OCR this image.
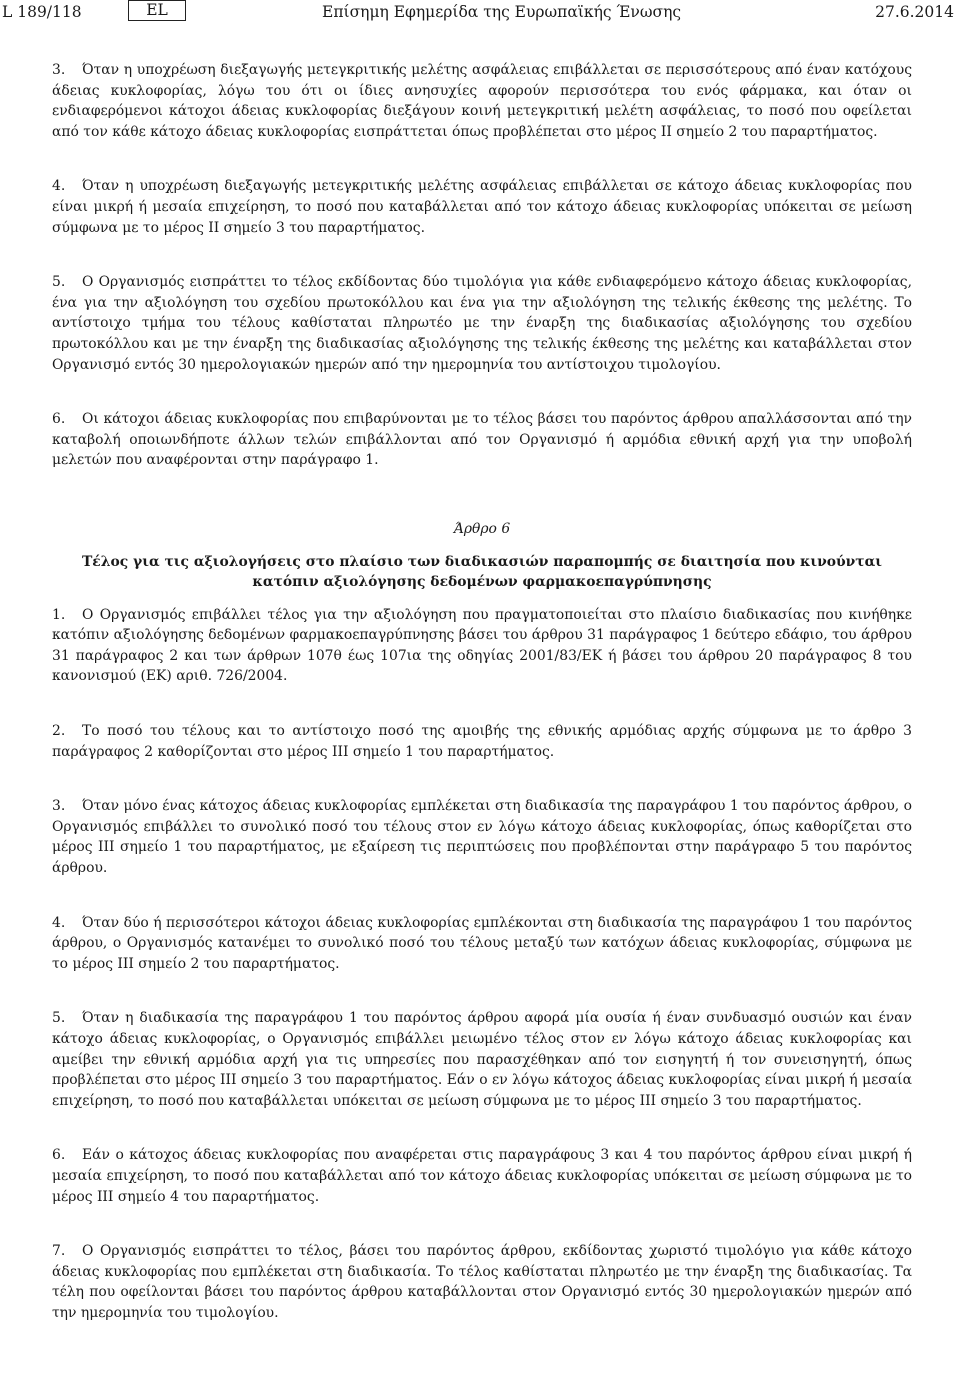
L 189/118	EL	Επίσημη Εφημερίδα της Ευρωπαϊκής Ένωσης	27.6.2014

3. Όταν η υποχρέωση διεξαγωγής μετεγκριτικής μελέτης ασφάλειας επιβάλλεται σε περισσότερους από έναν κατόχους άδειας κυκλοφορίας, λόγω του ότι οι ίδιες ανησυχίες αφορούν περισσότερα του ενός φάρμακα, και όταν οι ενδιαφερόμενοι κάτοχοι άδειας κυκλοφορίας διεξάγουν κοινή μετεγκριτική μελέτη ασφάλειας, το ποσό που οφείλεται από τον κάθε κάτοχο άδειας κυκλοφορίας εισπράττεται όπως προβλέπεται στο μέρος II σημείο 2 του παραρτήματος.

4. Όταν η υποχρέωση διεξαγωγής μετεγκριτικής μελέτης ασφάλειας επιβάλλεται σε κάτοχο άδειας κυκλοφορίας που είναι μικρή ή μεσαία επιχείρηση, το ποσό που καταβάλλεται από τον κάτοχο άδειας κυκλοφορίας υπόκειται σε μείωση σύμφωνα με το μέρος II σημείο 3 του παραρτήματος.

5. Ο Οργανισμός εισπράττει το τέλος εκδίδοντας δύο τιμολόγια για κάθε ενδιαφερόμενο κάτοχο άδειας κυκλοφορίας, ένα για την αξιολόγηση του σχεδίου πρωτοκόλλου και ένα για την αξιολόγηση της τελικής έκθεσης της μελέτης. Το αντίστοιχο τμήμα του τέλους καθίσταται πληρωτέο με την έναρξη της διαδικασίας αξιολόγησης του σχεδίου πρωτοκόλλου και με την έναρξη της διαδικασίας αξιολόγησης της τελικής έκθεσης της μελέτης και καταβάλλεται στον Οργανισμό εντός 30 ημερολογιακών ημερών από την ημερομηνία του αντίστοιχου τιμολογίου.

6. Οι κάτοχοι άδειας κυκλοφορίας που επιβαρύνονται με το τέλος βάσει του παρόντος άρθρου απαλλάσσονται από την καταβολή οποιωνδήποτε άλλων τελών επιβάλλονται από τον Οργανισμό ή αρμόδια εθνική αρχή για την υποβολή μελετών που αναφέρονται στην παράγραφο 1.

Άρθρο 6

Τέλος για τις αξιολογήσεις στο πλαίσιο των διαδικασιών παραπομπής σε διαιτησία που κινούνται κατόπιν αξιολόγησης δεδομένων φαρμακοεπαγρύπνησης

1. Ο Οργανισμός επιβάλλει τέλος για την αξιολόγηση που πραγματοποιείται στο πλαίσιο διαδικασίας που κινήθηκε κατόπιν αξιολόγησης δεδομένων φαρμακοεπαγρύπνησης βάσει του άρθρου 31 παράγραφος 1 δεύτερο εδάφιο, του άρθρου 31 παράγραφος 2 και των άρθρων 107θ έως 107ια της οδηγίας 2001/83/ΕΚ ή βάσει του άρθρου 20 παράγραφος 8 του κανονισμού (ΕΚ) αριθ. 726/2004.

2. Το ποσό του τέλους και το αντίστοιχο ποσό της αμοιβής της εθνικής αρμόδιας αρχής σύμφωνα με το άρθρο 3 παράγραφος 2 καθορίζονται στο μέρος III σημείο 1 του παραρτήματος.

3. Όταν μόνο ένας κάτοχος άδειας κυκλοφορίας εμπλέκεται στη διαδικασία της παραγράφου 1 του παρόντος άρθρου, ο Οργανισμός επιβάλλει το συνολικό ποσό του τέλους στον εν λόγω κάτοχο άδειας κυκλοφορίας, όπως καθορίζεται στο μέρος III σημείο 1 του παραρτήματος, με εξαίρεση τις περιπτώσεις που προβλέπονται στην παράγραφο 5 του παρόντος άρθρου.

4. Όταν δύο ή περισσότεροι κάτοχοι άδειας κυκλοφορίας εμπλέκονται στη διαδικασία της παραγράφου 1 του παρόντος άρθρου, ο Οργανισμός κατανέμει το συνολικό ποσό του τέλους μεταξύ των κατόχων άδειας κυκλοφορίας, σύμφωνα με το μέρος III σημείο 2 του παραρτήματος.

5. Όταν η διαδικασία της παραγράφου 1 του παρόντος άρθρου αφορά μία ουσία ή έναν συνδυασμό ουσιών και έναν κάτοχο άδειας κυκλοφορίας, ο Οργανισμός επιβάλλει μειωμένο τέλος στον εν λόγω κάτοχο άδειας κυκλοφορίας και αμείβει την εθνική αρμόδια αρχή για τις υπηρεσίες που παρασχέθηκαν από τον εισηγητή ή τον συνεισηγητή, όπως προβλέπεται στο μέρος III σημείο 3 του παραρτήματος. Εάν ο εν λόγω κάτοχος άδειας κυκλοφορίας είναι μικρή ή μεσαία επιχείρηση, το ποσό που καταβάλλεται υπόκειται σε μείωση σύμφωνα με το μέρος III σημείο 3 του παραρτήματος.

6. Εάν ο κάτοχος άδειας κυκλοφορίας που αναφέρεται στις παραγράφους 3 και 4 του παρόντος άρθρου είναι μικρή ή μεσαία επιχείρηση, το ποσό που καταβάλλεται από τον κάτοχο άδειας κυκλοφορίας υπόκειται σε μείωση σύμφωνα με το μέρος III σημείο 4 του παραρτήματος.

7. Ο Οργανισμός εισπράττει το τέλος, βάσει του παρόντος άρθρου, εκδίδοντας χωριστό τιμολόγιο για κάθε κάτοχο άδειας κυκλοφορίας που εμπλέκεται στη διαδικασία. Το τέλος καθίσταται πληρωτέο με την έναρξη της διαδικασίας. Τα τέλη που οφείλονται βάσει του παρόντος άρθρου καταβάλλονται στον Οργανισμό εντός 30 ημερολογιακών ημερών από την ημερομηνία του τιμολογίου.
